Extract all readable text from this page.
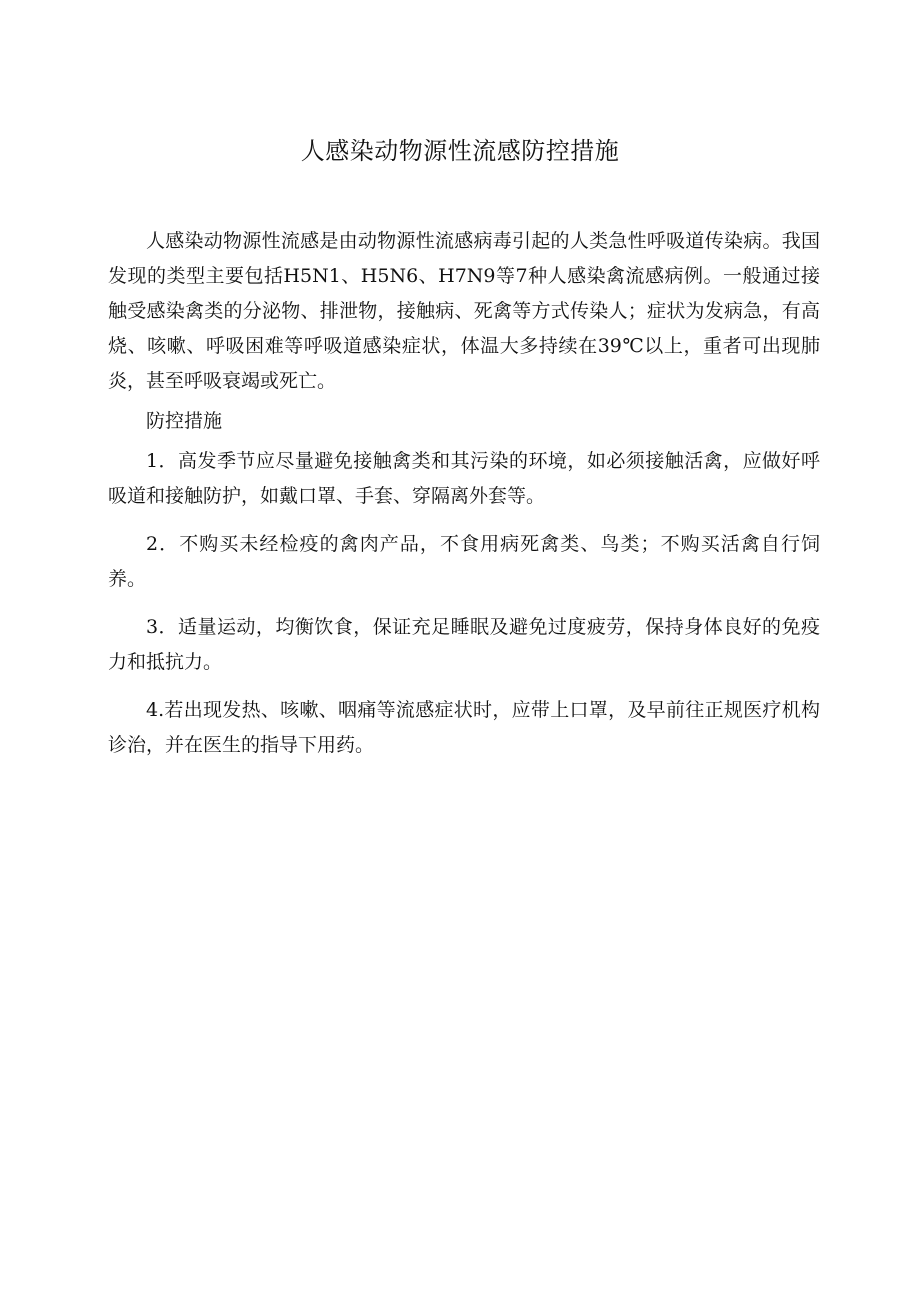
人感染动物源性流感防控措施

人感染动物源性流感是由动物源性流感病毒引起的人类急性呼吸道传染病。我国发现的类型主要包括H5N1、H5N6、H7N9等7种人感染禽流感病例。一般通过接触受感染禽类的分泌物、排泄物，接触病、死禽等方式传染人；症状为发病急，有高烧、咳嗽、呼吸困难等呼吸道感染症状，体温大多持续在39℃以上，重者可出现肺炎，甚至呼吸衰竭或死亡。

防控措施

1．高发季节应尽量避免接触禽类和其污染的环境，如必须接触活禽，应做好呼吸道和接触防护，如戴口罩、手套、穿隔离外套等。

2．不购买未经检疫的禽肉产品，不食用病死禽类、鸟类；不购买活禽自行饲养。

3．适量运动，均衡饮食，保证充足睡眠及避免过度疲劳，保持身体良好的免疫力和抵抗力。

4.若出现发热、咳嗽、咽痛等流感症状时，应带上口罩，及早前往正规医疗机构诊治，并在医生的指导下用药。
